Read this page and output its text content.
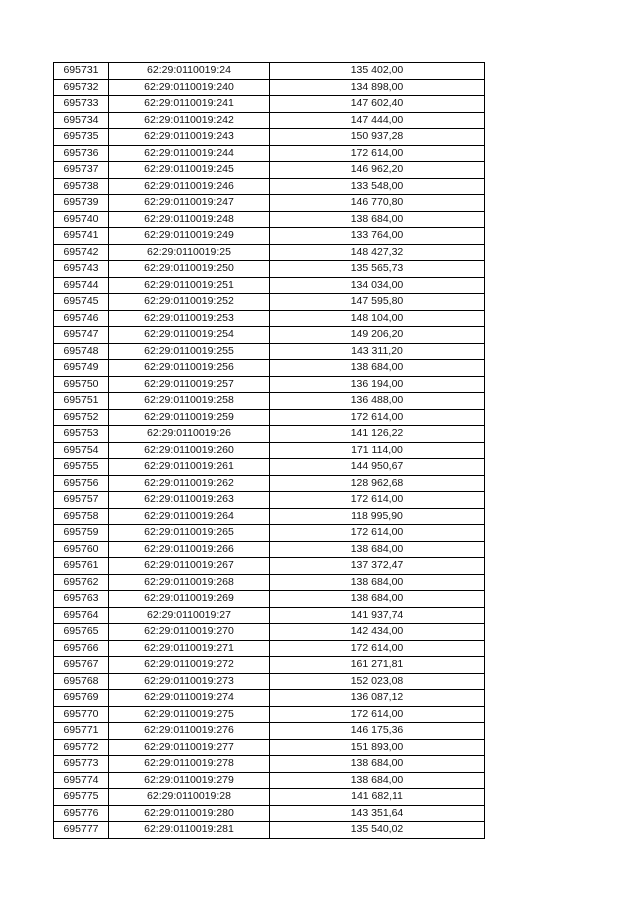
695731	62:29:0110019:24	135 402,00
695732	62:29:0110019:240	134 898,00
695733	62:29:0110019:241	147 602,40
695734	62:29:0110019:242	147 444,00
695735	62:29:0110019:243	150 937,28
695736	62:29:0110019:244	172 614,00
695737	62:29:0110019:245	146 962,20
695738	62:29:0110019:246	133 548,00
695739	62:29:0110019:247	146 770,80
695740	62:29:0110019:248	138 684,00
695741	62:29:0110019:249	133 764,00
695742	62:29:0110019:25	148 427,32
695743	62:29:0110019:250	135 565,73
695744	62:29:0110019:251	134 034,00
695745	62:29:0110019:252	147 595,80
695746	62:29:0110019:253	148 104,00
695747	62:29:0110019:254	149 206,20
695748	62:29:0110019:255	143 311,20
695749	62:29:0110019:256	138 684,00
695750	62:29:0110019:257	136 194,00
695751	62:29:0110019:258	136 488,00
695752	62:29:0110019:259	172 614,00
695753	62:29:0110019:26	141 126,22
695754	62:29:0110019:260	171 114,00
695755	62:29:0110019:261	144 950,67
695756	62:29:0110019:262	128 962,68
695757	62:29:0110019:263	172 614,00
695758	62:29:0110019:264	118 995,90
695759	62:29:0110019:265	172 614,00
695760	62:29:0110019:266	138 684,00
695761	62:29:0110019:267	137 372,47
695762	62:29:0110019:268	138 684,00
695763	62:29:0110019:269	138 684,00
695764	62:29:0110019:27	141 937,74
695765	62:29:0110019:270	142 434,00
695766	62:29:0110019:271	172 614,00
695767	62:29:0110019:272	161 271,81
695768	62:29:0110019:273	152 023,08
695769	62:29:0110019:274	136 087,12
695770	62:29:0110019:275	172 614,00
695771	62:29:0110019:276	146 175,36
695772	62:29:0110019:277	151 893,00
695773	62:29:0110019:278	138 684,00
695774	62:29:0110019:279	138 684,00
695775	62:29:0110019:28	141 682,11
695776	62:29:0110019:280	143 351,64
695777	62:29:0110019:281	135 540,02
